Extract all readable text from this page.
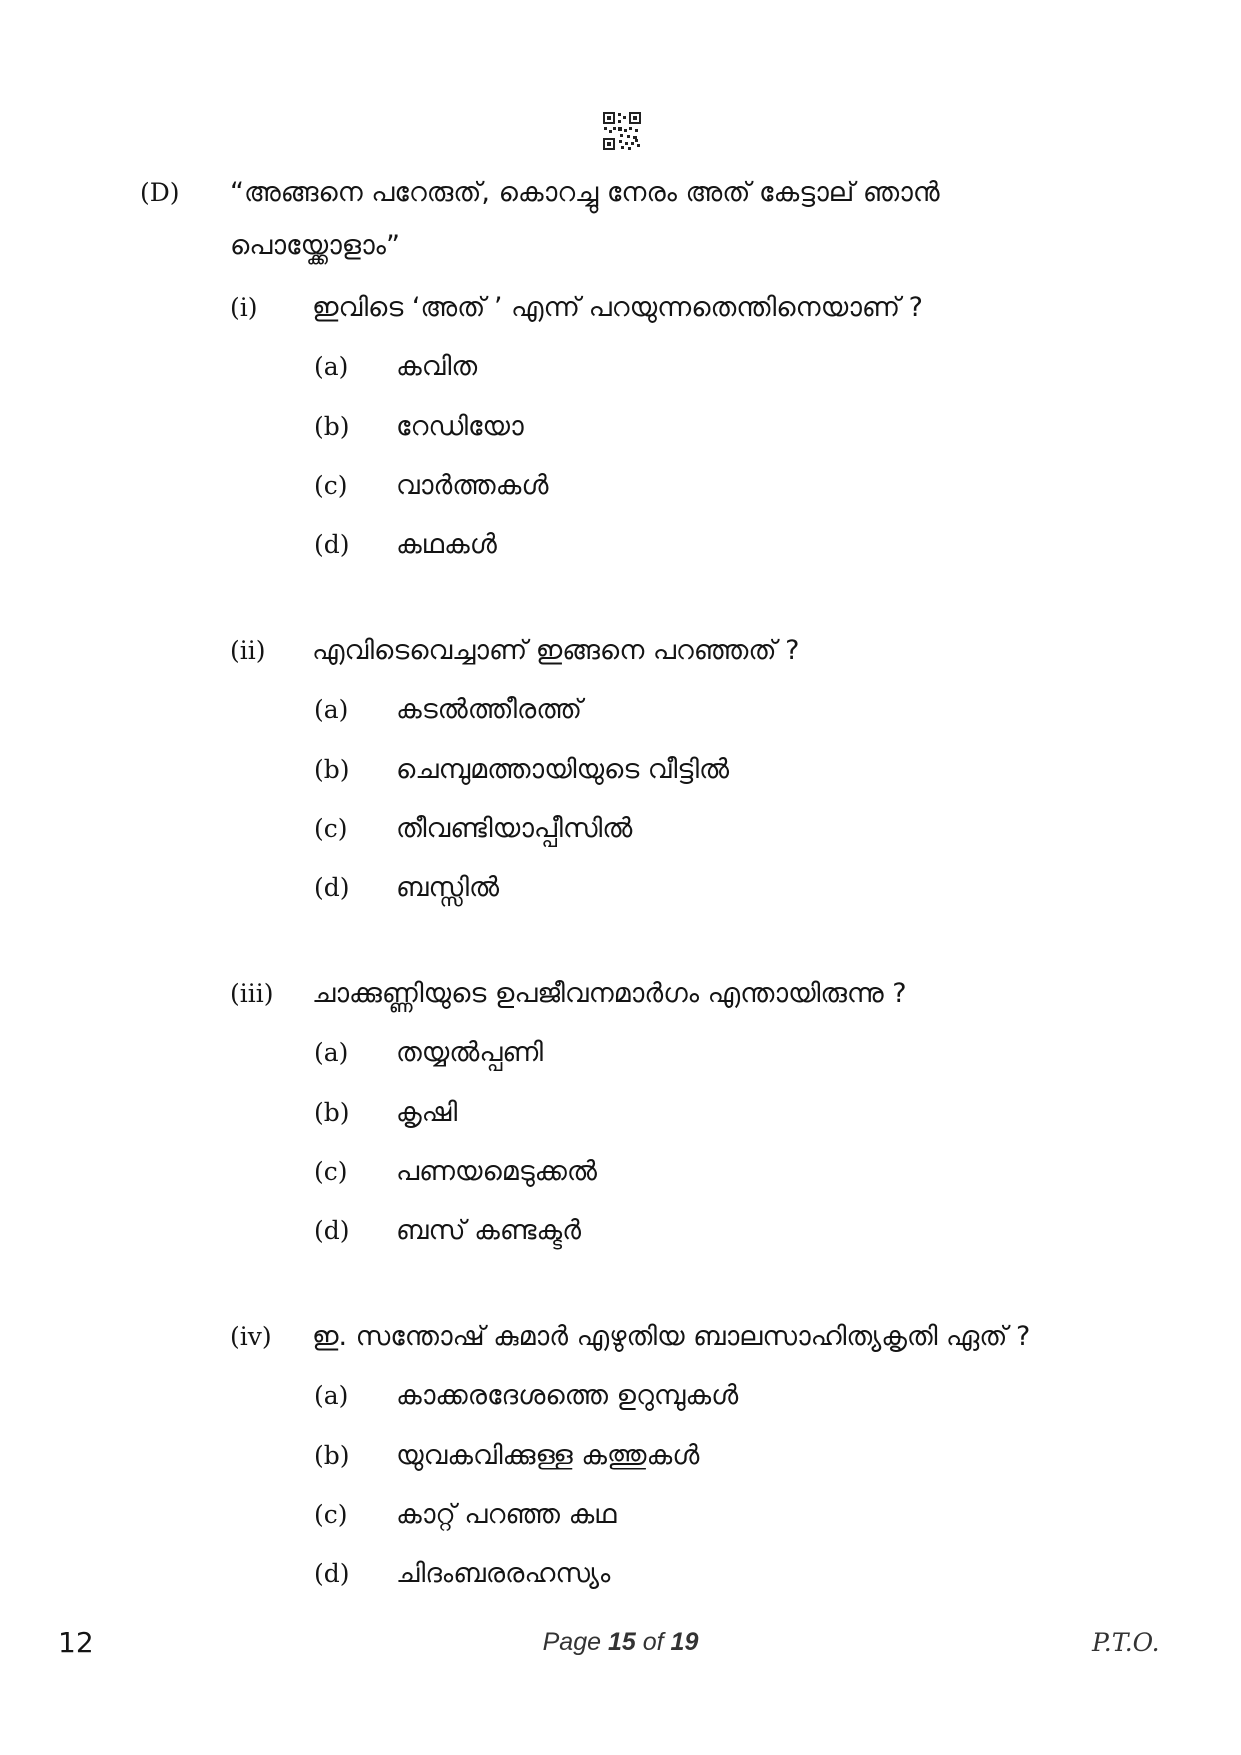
(D) “അങ്ങനെ പറേരുത്, കൊറച്ചു നേരം അത് കേട്ടാല് ഞാൻ
പൊയ്ക്കോളാം”
(i) ഇവിടെ ‘അത് ’ എന്ന് പറയുന്നതെന്തിനെയാണ് ?
(a) കവിത
(b) റേഡിയോ
(c) വാർത്തകൾ
(d) കഥകൾ
(ii) എവിടെവെച്ചാണ് ഇങ്ങനെ പറഞ്ഞത് ?
(a) കടൽത്തീരത്ത്
(b) ചെമ്പുമത്തായിയുടെ വീട്ടിൽ
(c) തീവണ്ടിയാപ്പീസിൽ
(d) ബസ്സിൽ
(iii) ചാക്കുണ്ണിയുടെ ഉപജീവനമാർഗം എന്തായിരുന്നു ?
(a) തയ്യൽപ്പണി
(b) കൃഷി
(c) പണയമെടുക്കൽ
(d) ബസ് കണ്ടക്ടർ
(iv) ഇ. സന്തോഷ് കുമാർ എഴുതിയ ബാലസാഹിത്യകൃതി ഏത് ?
(a) കാക്കരദേശത്തെ ഉറുമ്പുകൾ
(b) യുവകവിക്കുള്ള കത്തുകൾ
(c) കാറ്റ് പറഞ്ഞ കഥ
(d) ചിദംബരരഹസ്യം
12	Page 15 of 19	P.T.O.
